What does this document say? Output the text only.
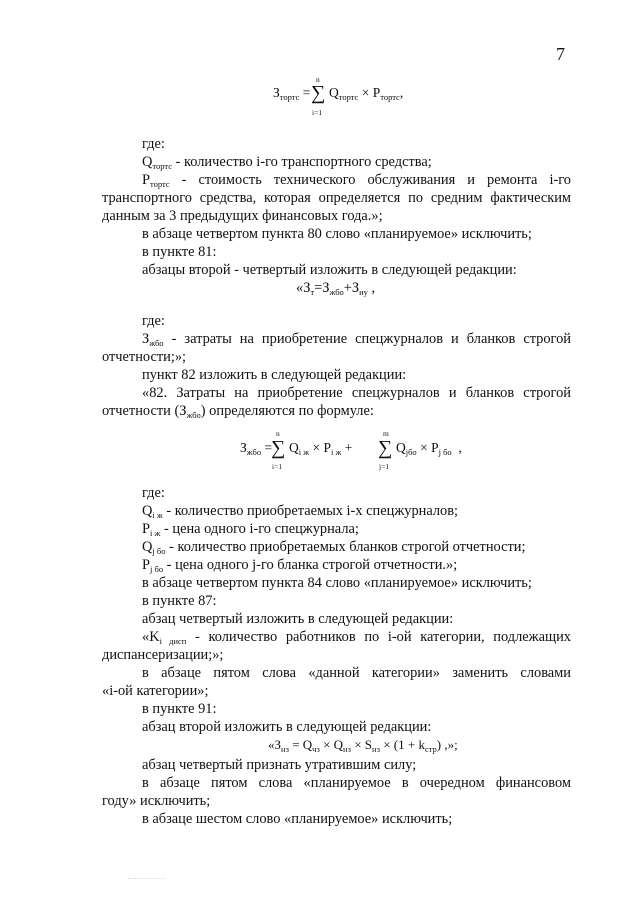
7
$З_{тортс}$ =
n
∑
i=1
$Q_{тортс} \times P_{тортс}$,
где:
$Q_{тортс}$ - количество i-го транспортного средства;
$P_{тортс}$ - стоимость технического обслуживания и ремонта i-го
транспортного средства, которая определяется по средним фактическим
данным за 3 предыдущих финансовых года.»;
в абзаце четвертом пункта 80 слово «планируемое» исключить;
в пункте 81:
абзацы второй - четвертый изложить в следующей редакции:
«$З_т=З_{жбо}+З_{иу}$ ,
где:
$З_{жбо}$ - затраты на приобретение спецжурналов и бланков строгой
отчетности;»;
пункт 82 изложить в следующей редакции:
«82. Затраты на приобретение спецжурналов и бланков строгой
отчетности $(З_{жбо})$ определяются по формуле:
$З_{жбо}$ =
n
∑
i=1
$Q_{i ж} \times P_{i ж}$ +
m
∑
j=1
$Q_{jбо} \times P_{j бо}$ ,
где:
$Q_{i ж}$ - количество приобретаемых i-х спецжурналов;
$P_{i ж}$ - цена одного i-го спецжурнала;
$Q_{j бо}$ - количество приобретаемых бланков строгой отчетности;
$P_{j бо}$ - цена одного j-го бланка строгой отчетности.»;
в абзаце четвертом пункта 84 слово «планируемое» исключить;
в пункте 87:
абзац четвертый изложить в следующей редакции:
«$K_{i дисп}$ - количество работников по i-ой категории, подлежащих
диспансеризации;»;
в абзаце пятом слова «данной категории» заменить словами
«i-ой категории»;
в пункте 91:
абзац второй изложить в следующей редакции:
«$З_{нз} = Q_{чз} \times Q_{нз} \times S_{нз} \times (1 + k_{стр})$ ,»;
абзац четвертый признать утратившим силу;
в абзаце пятом слова «планируемое в очередном финансовом
году» исключить;
в абзаце шестом слово «планируемое» исключить;
